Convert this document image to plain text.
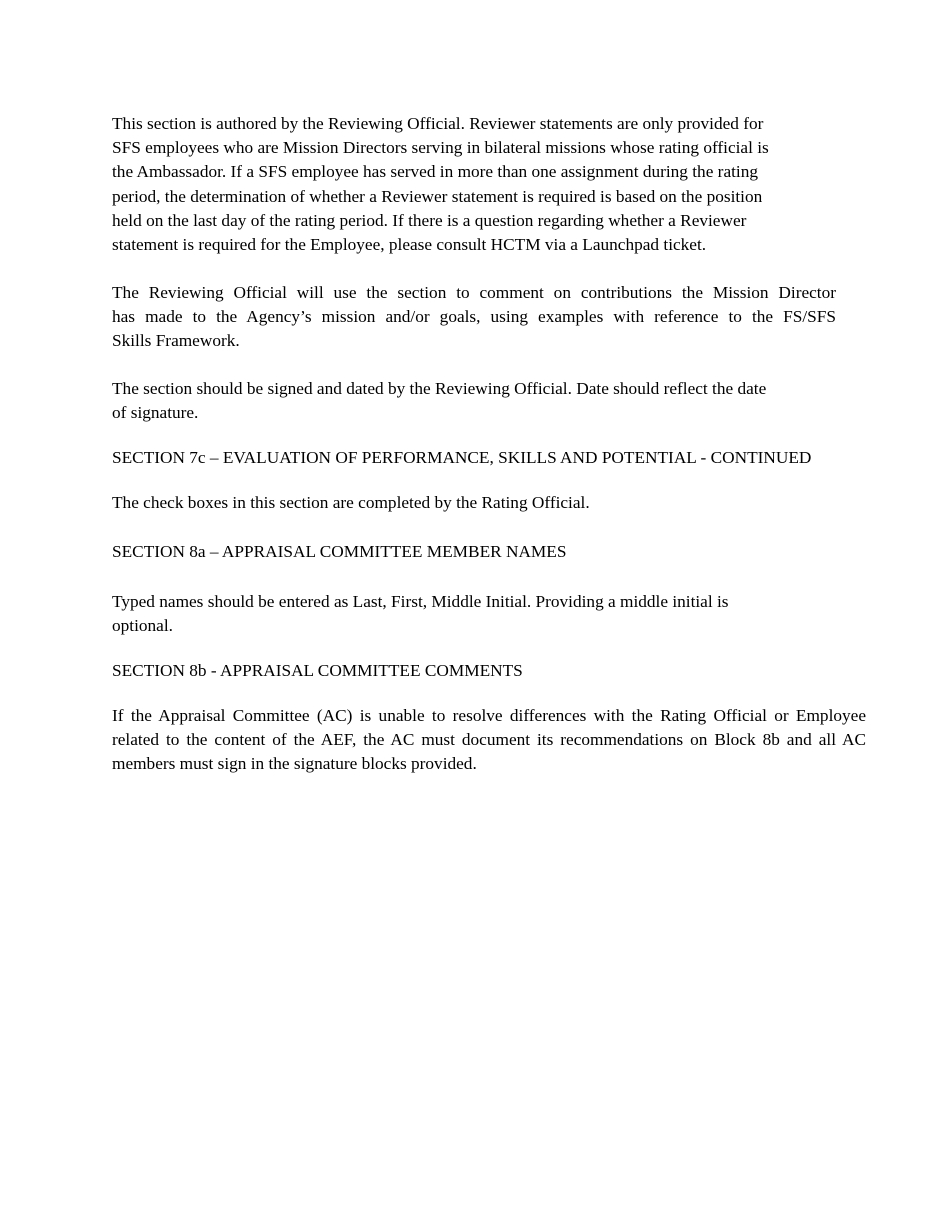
This section is authored by the Reviewing Official. Reviewer statements are only provided for
SFS employees who are Mission Directors serving in bilateral missions whose rating official is
the Ambassador. If a SFS employee has served in more than one assignment during the rating
period, the determination of whether a Reviewer statement is required is based on the position
held on the last day of the rating period. If there is a question regarding whether a Reviewer
statement is required for the Employee, please consult HCTM via a Launchpad ticket.
The Reviewing Official will use the section to comment on contributions the Mission Director
has made to the Agency’s mission and/or goals, using examples with reference to the FS/SFS
Skills Framework.
The section should be signed and dated by the Reviewing Official. Date should reflect the date
of signature.
SECTION 7c – EVALUATION OF PERFORMANCE, SKILLS AND POTENTIAL - CONTINUED
The check boxes in this section are completed by the Rating Official.
SECTION 8a – APPRAISAL COMMITTEE MEMBER NAMES
Typed names should be entered as Last, First, Middle Initial. Providing a middle initial is
optional.
SECTION 8b - APPRAISAL COMMITTEE COMMENTS
If the Appraisal Committee (AC) is unable to resolve differences with the Rating Official or Employee
related to the content of the AEF, the AC must document its recommendations on Block 8b and all AC
members must sign in the signature blocks provided.
